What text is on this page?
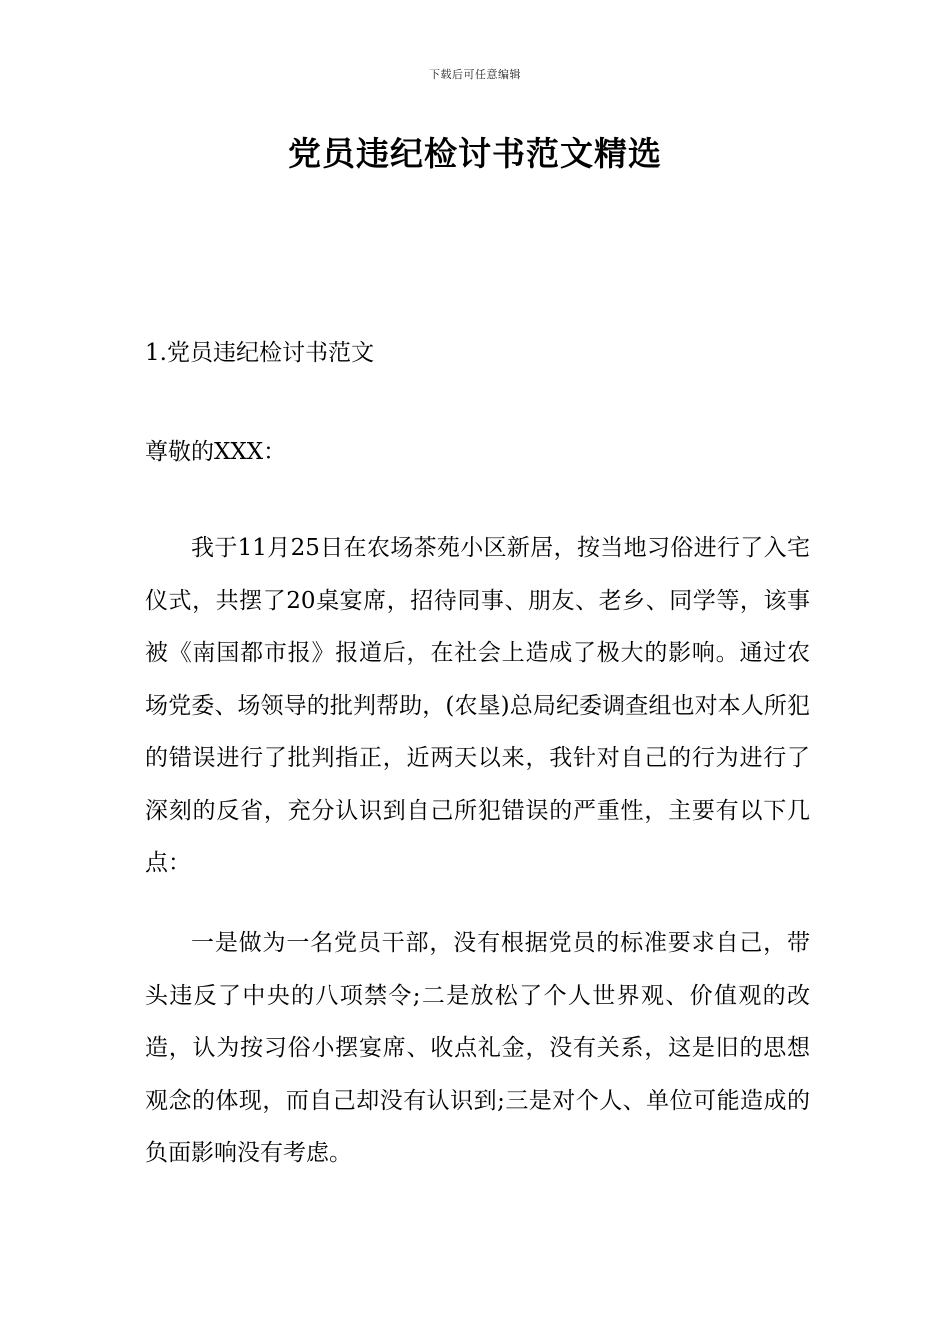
下载后可任意编辑
党员违纪检讨书范文精选

1.党员违纪检讨书范文

尊敬的XXX：

我于11月25日在农场茶苑小区新居，按当地习俗进行了入宅仪式，共摆了20桌宴席，招待同事、朋友、老乡、同学等，该事被《南国都市报》报道后，在社会上造成了极大的影响。通过农场党委、场领导的批判帮助，(农垦)总局纪委调查组也对本人所犯的错误进行了批判指正，近两天以来，我针对自己的行为进行了深刻的反省，充分认识到自己所犯错误的严重性，主要有以下几点：

一是做为一名党员干部，没有根据党员的标准要求自己，带头违反了中央的八项禁令;二是放松了个人世界观、价值观的改造，认为按习俗小摆宴席、收点礼金，没有关系，这是旧的思想观念的体现，而自己却没有认识到;三是对个人、单位可能造成的负面影响没有考虑。
